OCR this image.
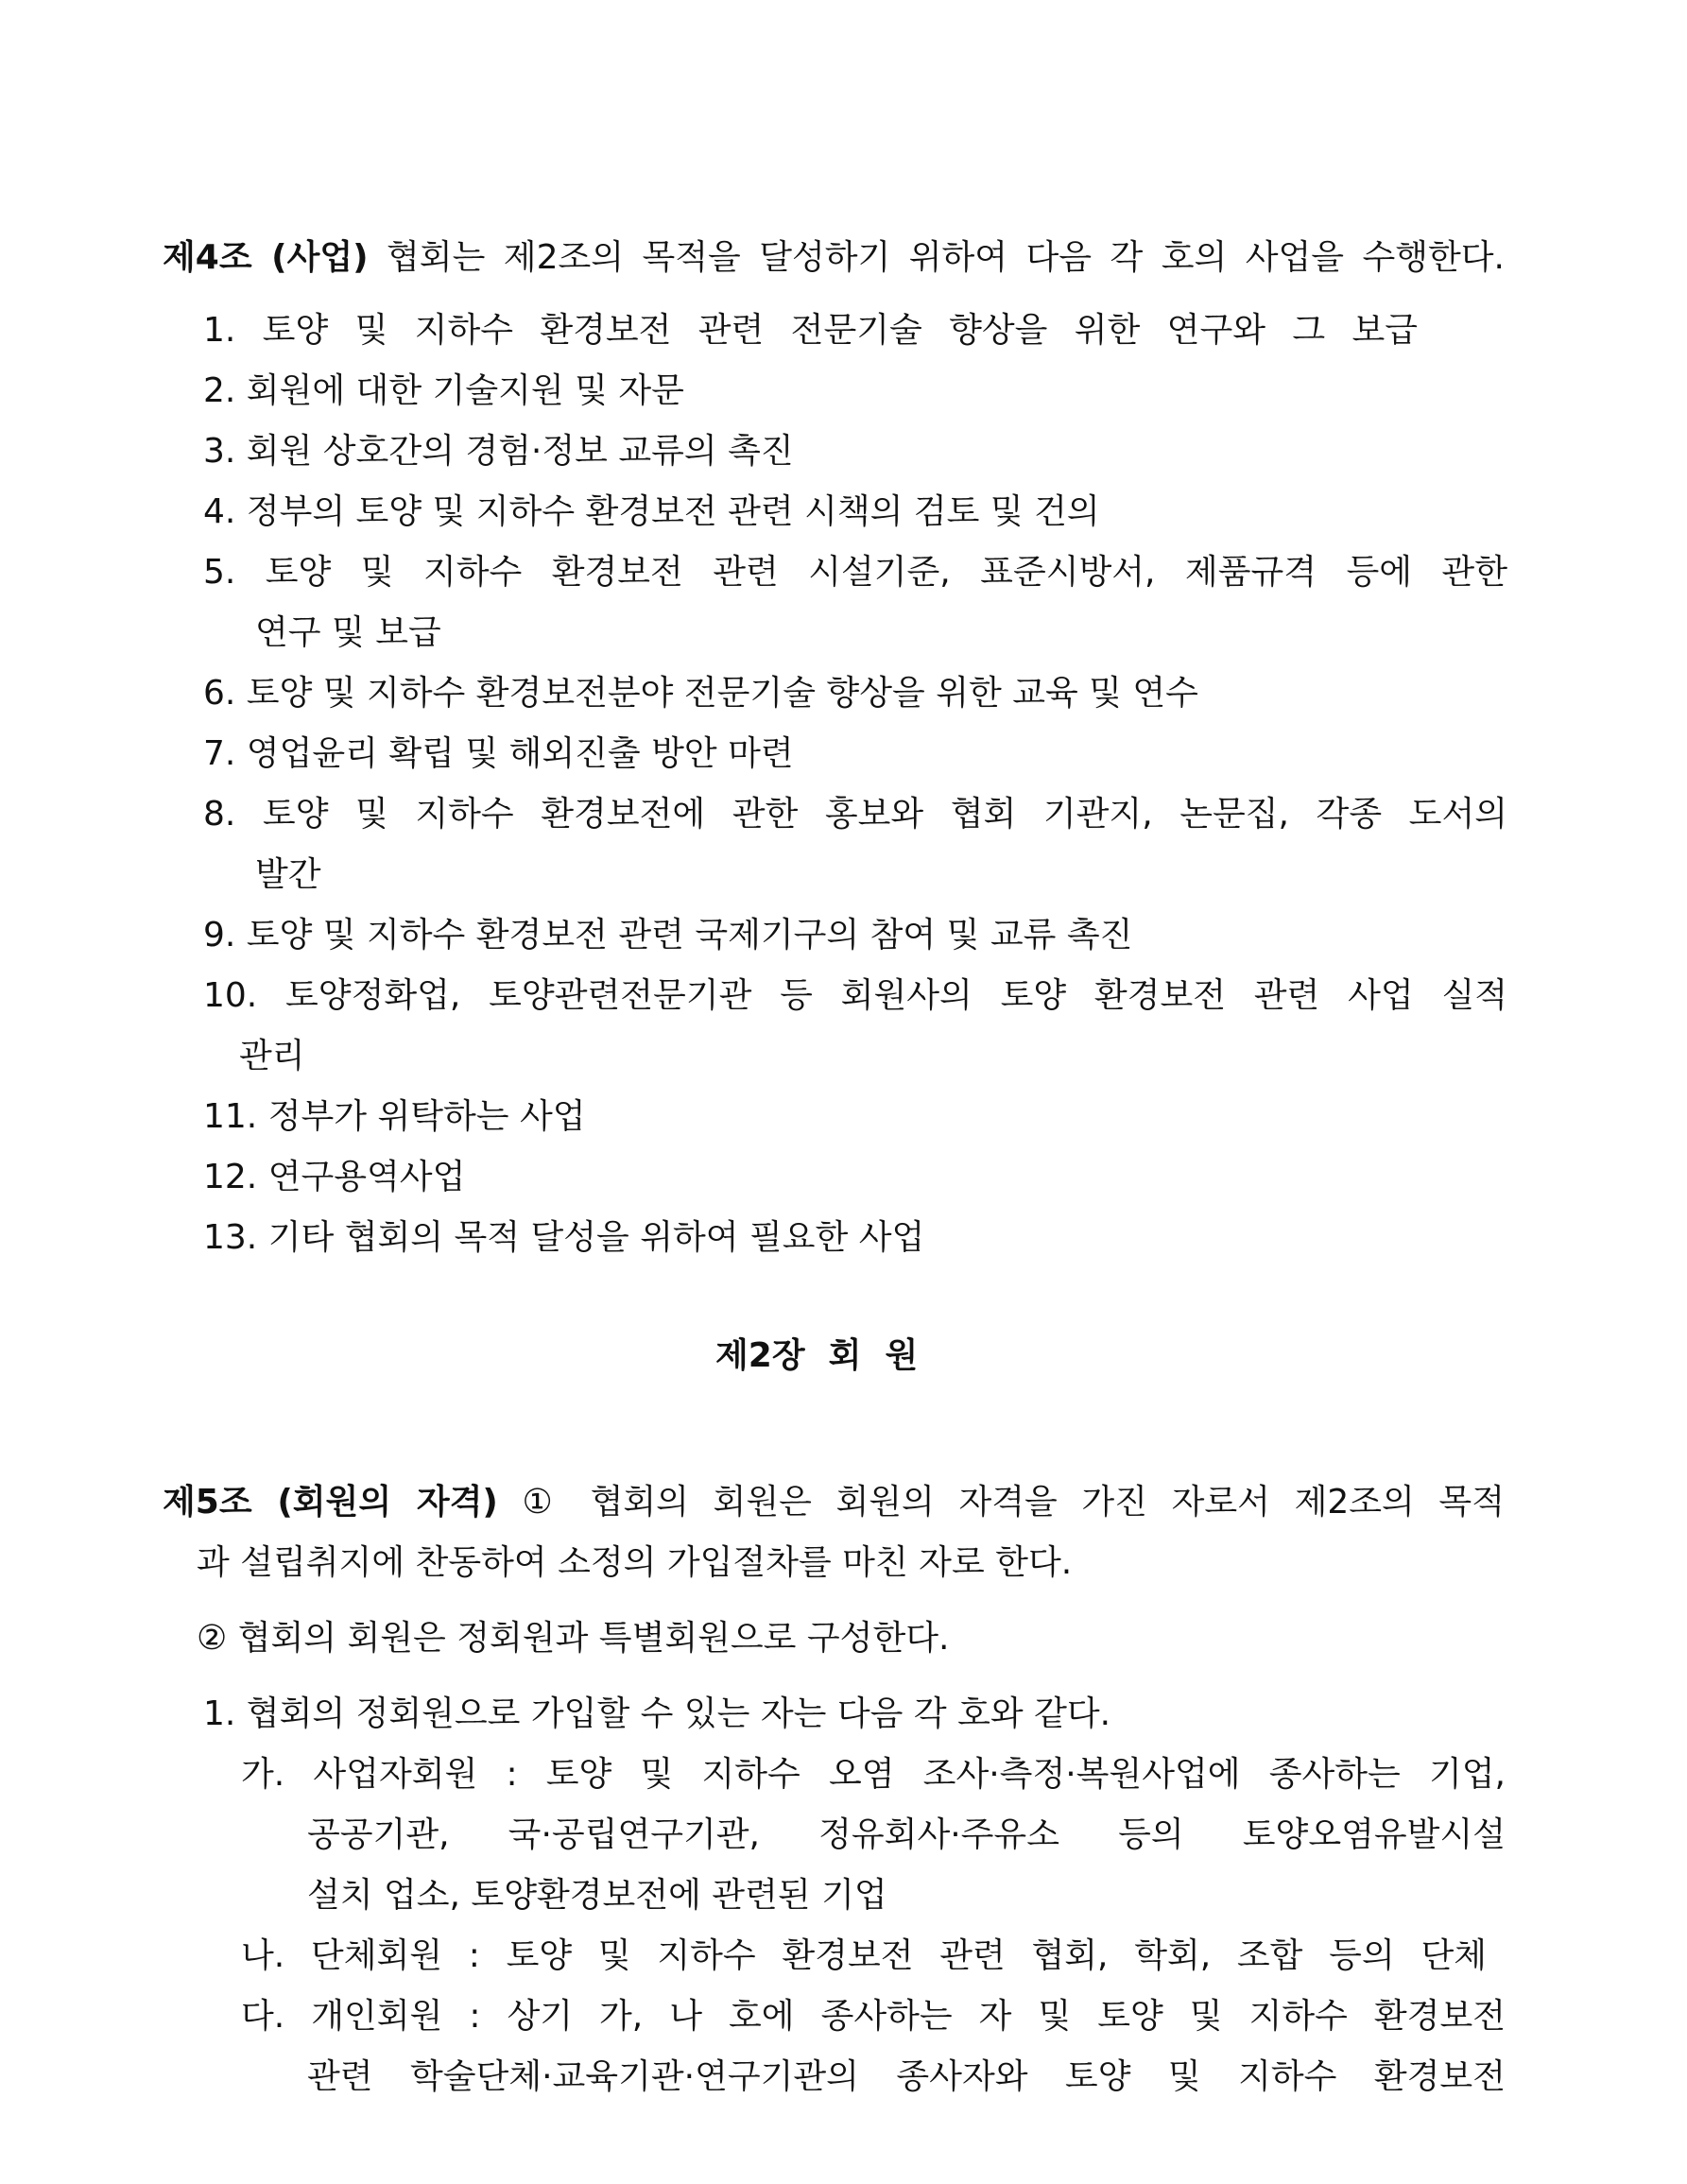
제4조 (사업) 협회는 제2조의 목적을 달성하기 위하여 다음 각 호의 사업을 수행한다.
1. 토양 및 지하수 환경보전 관련 전문기술 향상을 위한 연구와 그 보급
2. 회원에 대한 기술지원 및 자문
3. 회원 상호간의 경험·정보 교류의 촉진
4. 정부의 토양 및 지하수 환경보전 관련 시책의 검토 및 건의
5. 토양 및 지하수 환경보전 관련 시설기준, 표준시방서, 제품규격 등에 관한
연구 및 보급
6. 토양 및 지하수 환경보전분야 전문기술 향상을 위한 교육 및 연수
7. 영업윤리 확립 및 해외진출 방안 마련
8. 토양 및 지하수 환경보전에 관한 홍보와 협회 기관지, 논문집, 각종 도서의
발간
9. 토양 및 지하수 환경보전 관련 국제기구의 참여 및 교류 촉진
10. 토양정화업, 토양관련전문기관 등 회원사의 토양 환경보전 관련 사업 실적
관리
11. 정부가 위탁하는 사업
12. 연구용역사업
13. 기타 협회의 목적 달성을 위하여 필요한 사업
제2장  회  원
제5조 (회원의 자격) ① 협회의 회원은 회원의 자격을 가진 자로서 제2조의 목적
과 설립취지에 찬동하여 소정의 가입절차를 마친 자로 한다.
② 협회의 회원은 정회원과 특별회원으로 구성한다.
1. 협회의 정회원으로 가입할 수 있는 자는 다음 각 호와 같다.
가. 사업자회원 : 토양 및 지하수 오염 조사·측정·복원사업에 종사하는 기업,
공공기관, 국·공립연구기관, 정유회사·주유소 등의 토양오염유발시설
설치 업소, 토양환경보전에 관련된 기업
나. 단체회원 : 토양 및 지하수 환경보전 관련 협회, 학회, 조합 등의 단체
다. 개인회원 : 상기 가, 나 호에 종사하는 자 및 토양 및 지하수 환경보전
관련 학술단체·교육기관·연구기관의 종사자와 토양 및 지하수 환경보전
